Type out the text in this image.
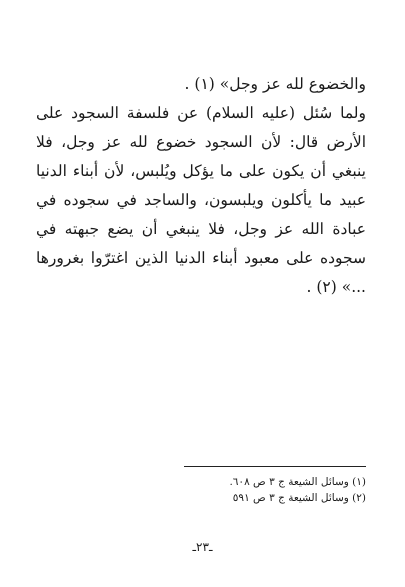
والخضوع لله عز وجل» (١) .

ولما سُئل (عليه السلام) عن فلسفة السجود على الأرض قال: لأن السجود خضوع لله عز وجل، فلا ينبغي أن يكون على ما يؤكل ويُلبس، لأن أبناء الدنيا عبيد ما يأكلون ويلبسون، والساجد في سجوده في عبادة الله عز وجل، فلا ينبغي أن يضع جبهته في سجوده على معبود أبناء الدنيا الذين اغترّوا بغرورها ...» (٢) .

(١) وسائل الشيعة ج ٣ ص ٦٠٨.
(٢) وسائل الشيعة ج ٣ ص ٥٩١
ـ٢٣ـ
